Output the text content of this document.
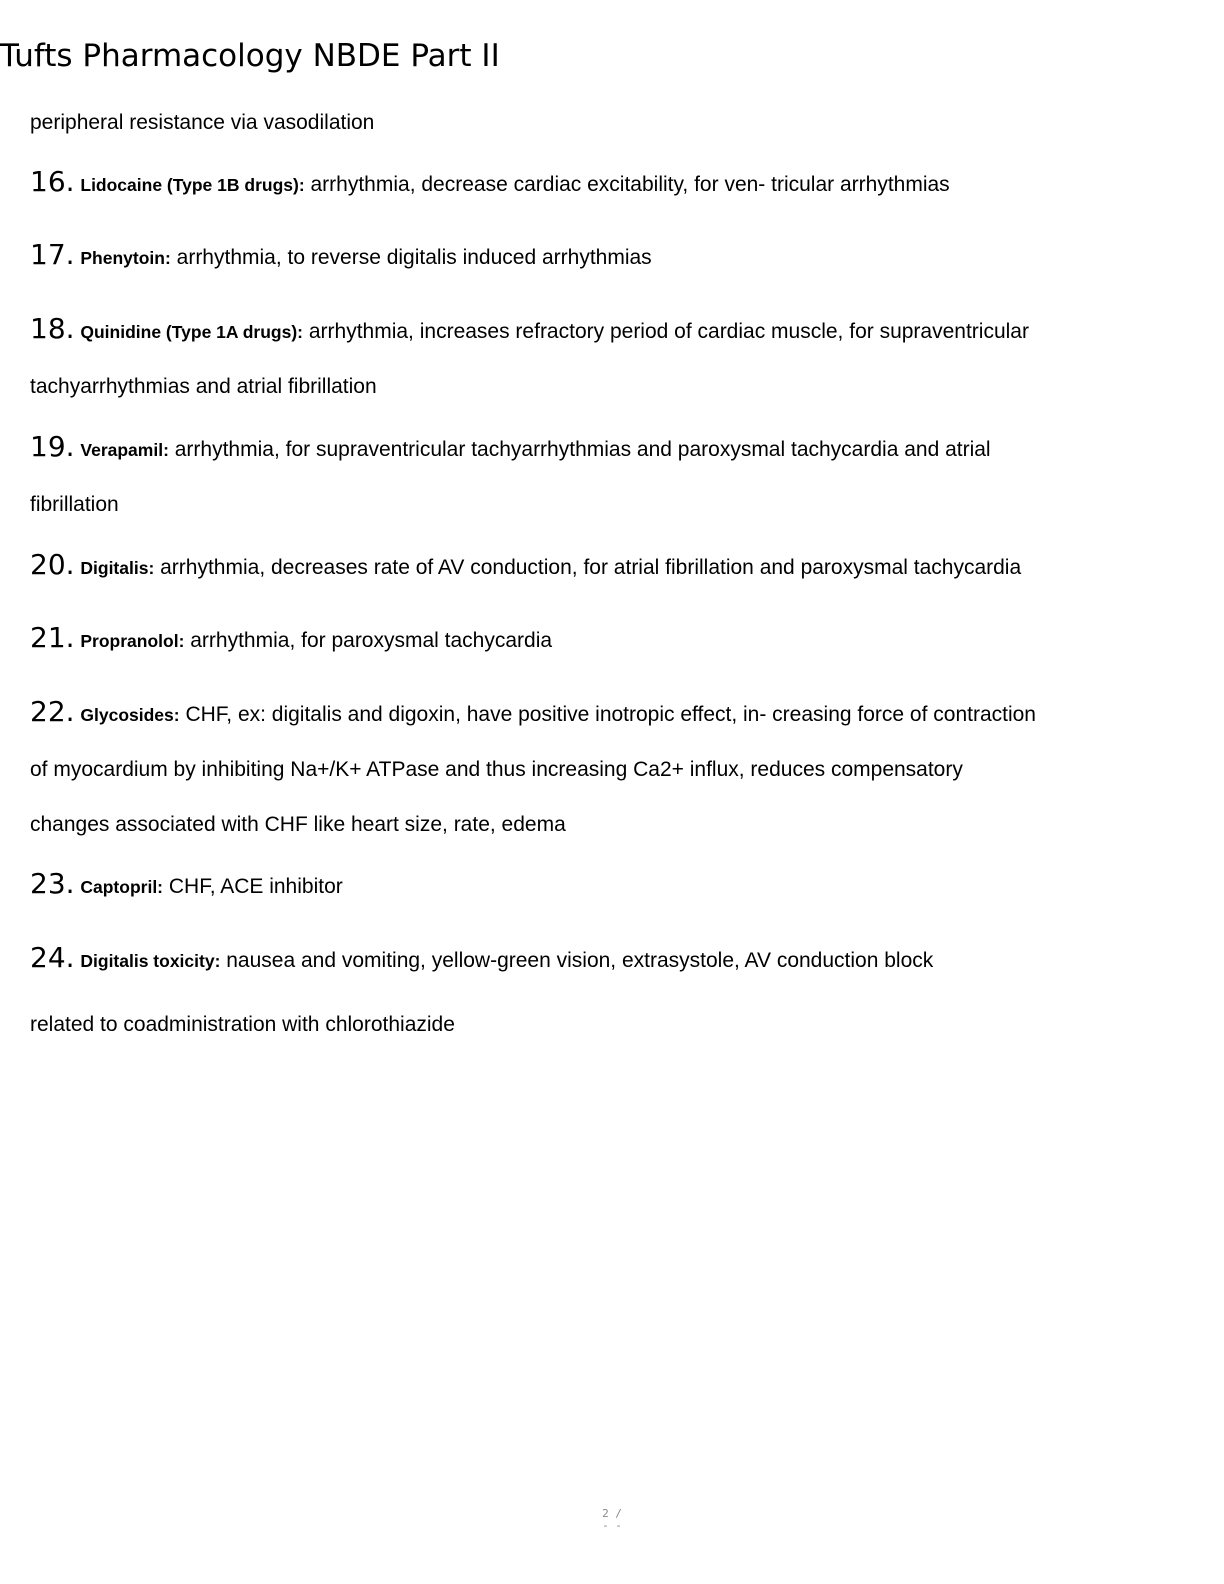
Tufts Pharmacology NBDE Part II
peripheral resistance via vasodilation
16. Lidocaine (Type 1B drugs): arrhythmia, decrease cardiac excitability, for ven- tricular arrhythmias
17. Phenytoin: arrhythmia, to reverse digitalis induced arrhythmias
18. Quinidine (Type 1A drugs): arrhythmia, increases refractory period of cardiac muscle, for supraventricular
tachyarrhythmias and atrial fibrillation
19. Verapamil: arrhythmia, for supraventricular tachyarrhythmias and paroxysmal tachycardia and atrial
fibrillation
20. Digitalis: arrhythmia, decreases rate of AV conduction, for atrial fibrillation and paroxysmal tachycardia
21. Propranolol: arrhythmia, for paroxysmal tachycardia
22. Glycosides: CHF, ex: digitalis and digoxin, have positive inotropic effect, in- creasing force of contraction
of myocardium by inhibiting Na+/K+ ATPase and thus increasing Ca2+ influx, reduces compensatory
changes associated with CHF like heart size, rate, edema
23. Captopril: CHF, ACE inhibitor
24. Digitalis toxicity: nausea and vomiting, yellow-green vision, extrasystole, AV conduction block
related to coadministration with chlorothiazide
2 /
- -
